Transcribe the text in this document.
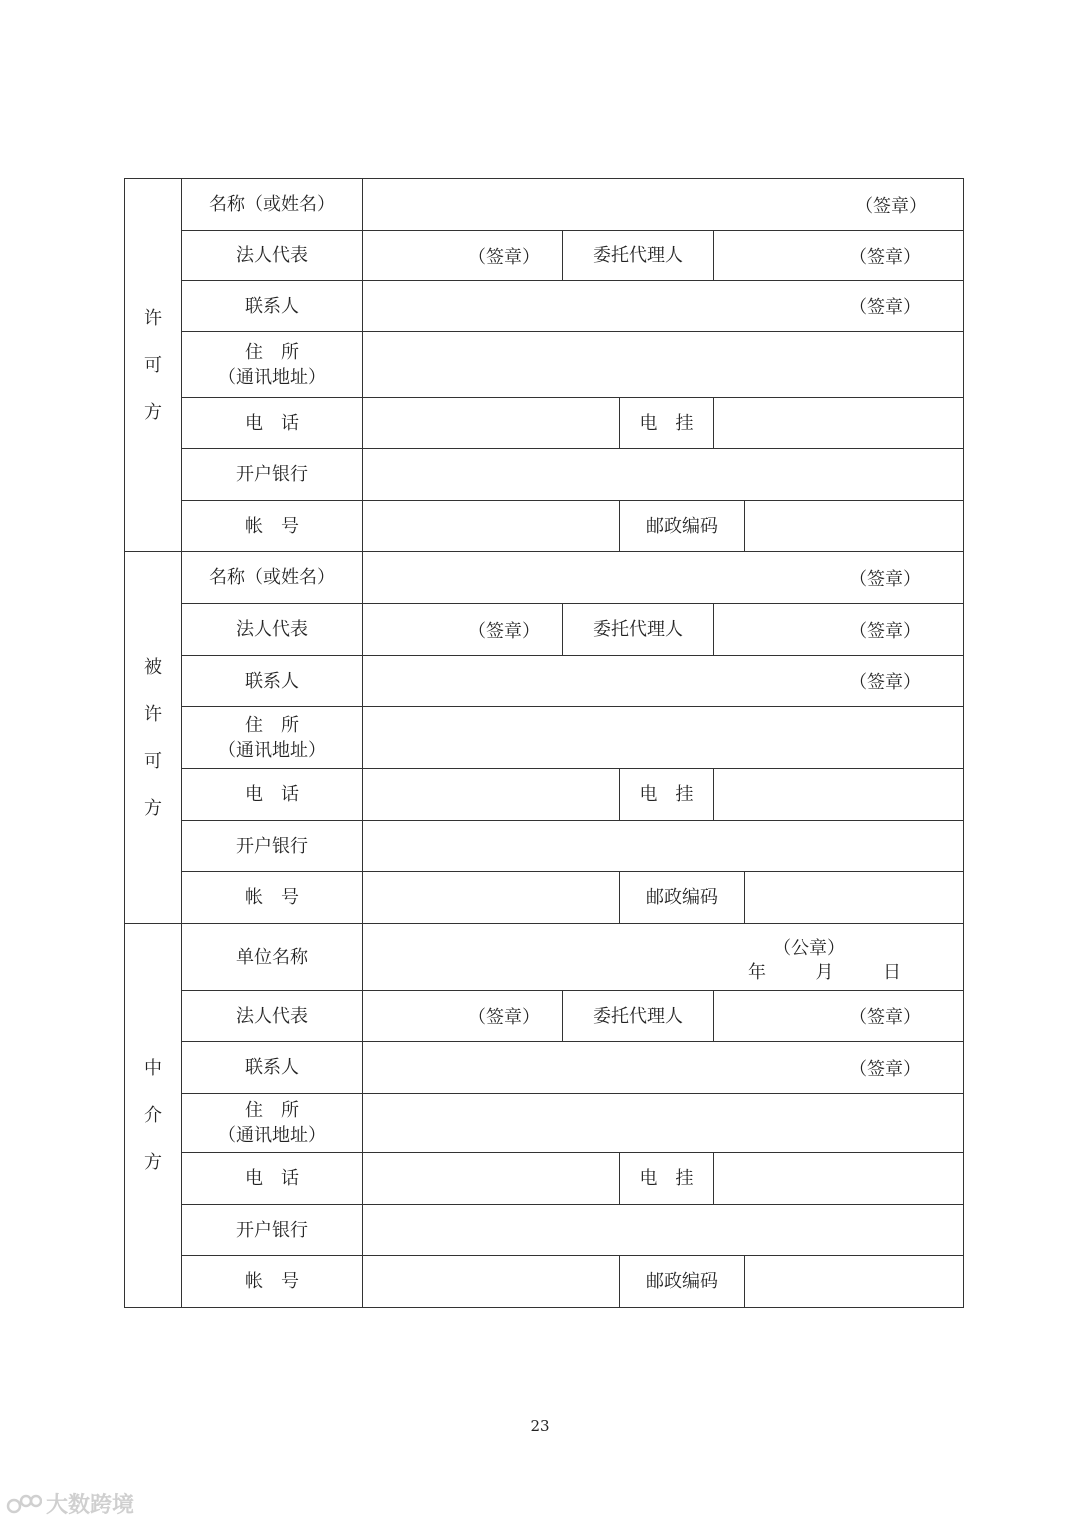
许
可
方	名称（或姓名）	（签章）				

	法人代表	（签章）	委托代理人		（签章）	

	联系人	（签章）				

	住　所
（通讯地址）					
	电　话			电　挂		
	开户银行					
	帐　号			邮政编码		
被
许
可
方	名称（或姓名）	（签章）				

	法人代表	（签章）	委托代理人		（签章）	

	联系人	（签章）				

	住　所
（通讯地址）					
	电　话			电　挂		
	开户银行					
	帐　号			邮政编码		
中
介
方	单位名称	（公章）
年 月 日				

	法人代表	（签章）	委托代理人		（签章）	

	联系人	（签章）				

	住　所
（通讯地址）					
	电　话			电　挂		
	开户银行					
	帐　号			邮政编码		
23
大数跨境
